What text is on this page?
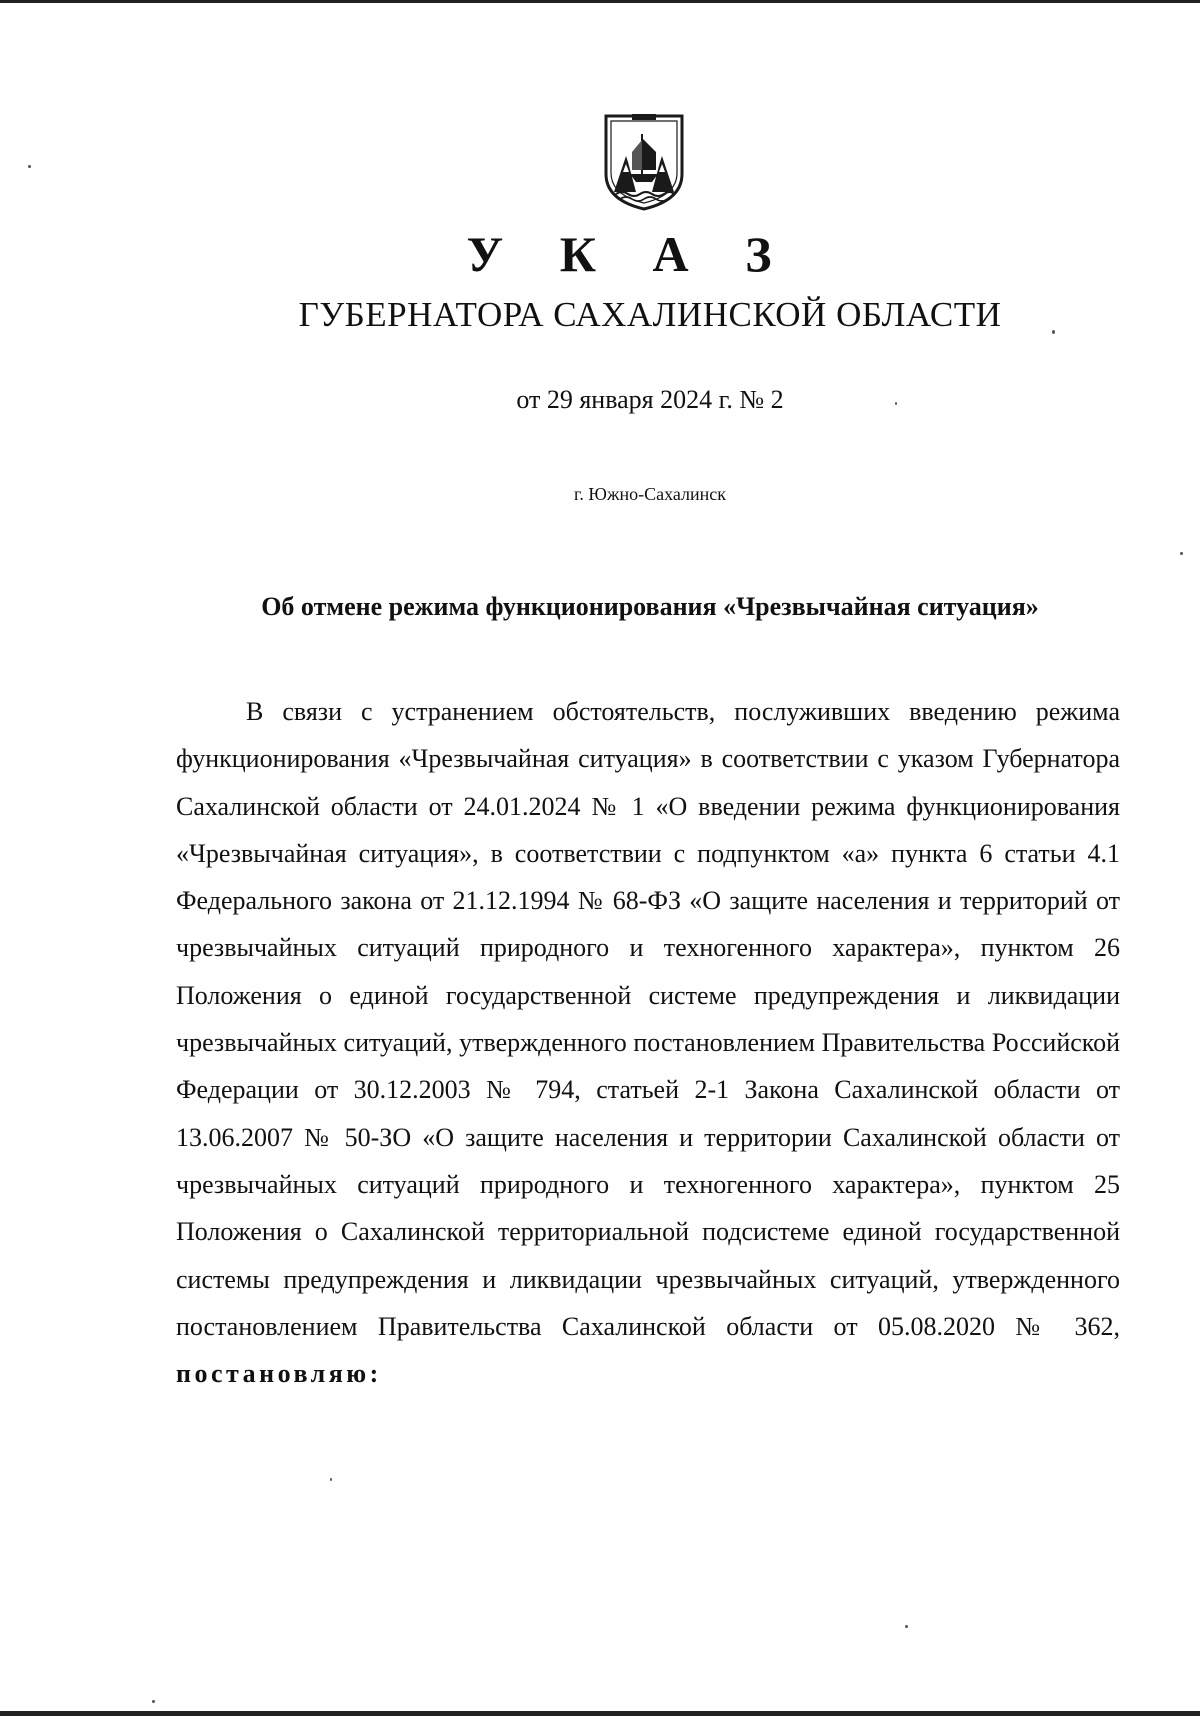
У К А З
ГУБЕРНАТОРА САХАЛИНСКОЙ ОБЛАСТИ
от 29 января 2024 г. № 2
г. Южно-Сахалинск
Об отмене режима функционирования «Чрезвычайная ситуация»

В связи с устранением обстоятельств, послуживших введению режима функционирования «Чрезвычайная ситуация» в соответствии с указом Губернатора Сахалинской области от 24.01.2024 № 1 «О введении режима функционирования «Чрезвычайная ситуация», в соответствии с подпунктом «а» пункта 6 статьи 4.1 Федерального закона от 21.12.1994 № 68-ФЗ «О защите населения и территорий от чрезвычайных ситуаций природного и техногенного характера», пунктом 26 Положения о единой государственной системе предупреждения и ликвидации чрезвычайных ситуаций, утвержденного постановлением Правительства Российской Федерации от 30.12.2003 № 794, статьей 2-1 Закона Сахалинской области от 13.06.2007 № 50-ЗО «О защите населения и территории Сахалинской области от чрезвычайных ситуаций природного и техногенного характера», пунктом 25 Положения о Сахалинской территориальной подсистеме единой государственной системы предупреждения и ликвидации чрезвычайных ситуаций, утвержденного постановлением Правительства Сахалинской области от 05.08.2020 № 362, постановляю:
